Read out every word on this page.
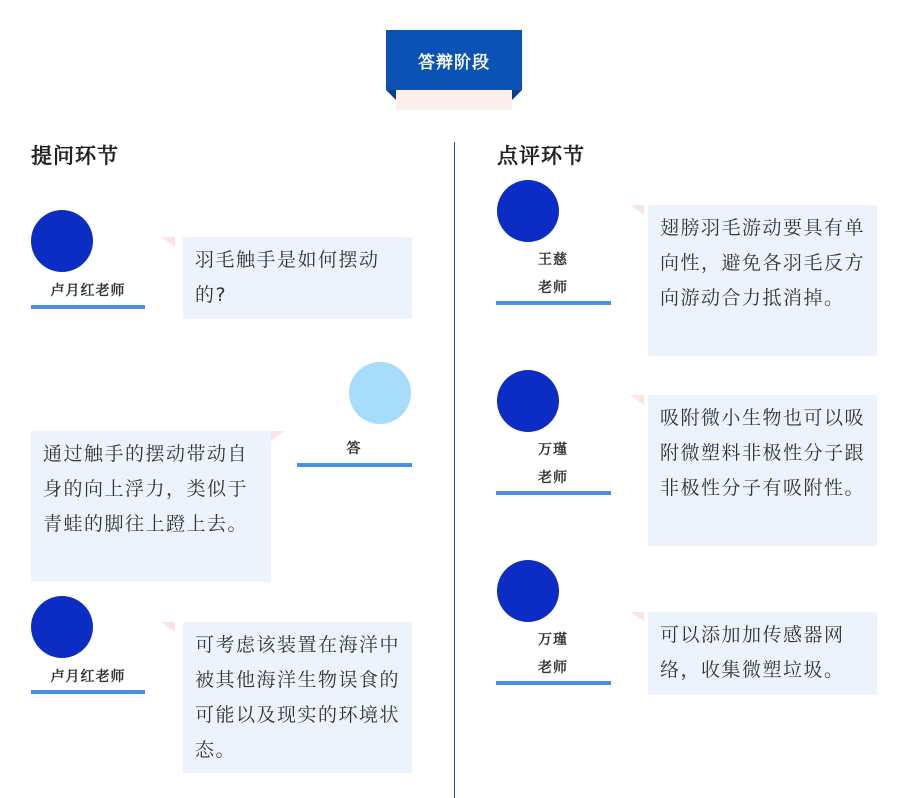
答辩阶段
提问环节	点评环节
卢月红老师
羽毛触手是如何摆动的?
答
通过触手的摆动带动自身的向上浮力，类似于青蛙的脚往上蹬上去。
卢月红老师
可考虑该装置在海洋中被其他海洋生物误食的可能以及现实的环境状态。
王慈
老师
翅膀羽毛游动要具有单向性，避免各羽毛反方向游动合力抵消掉。
万瑾
老师
吸附微小生物也可以吸附微塑料非极性分子跟非极性分子有吸附性。
万瑾
老师
可以添加加传感器网络，收集微塑垃圾。
